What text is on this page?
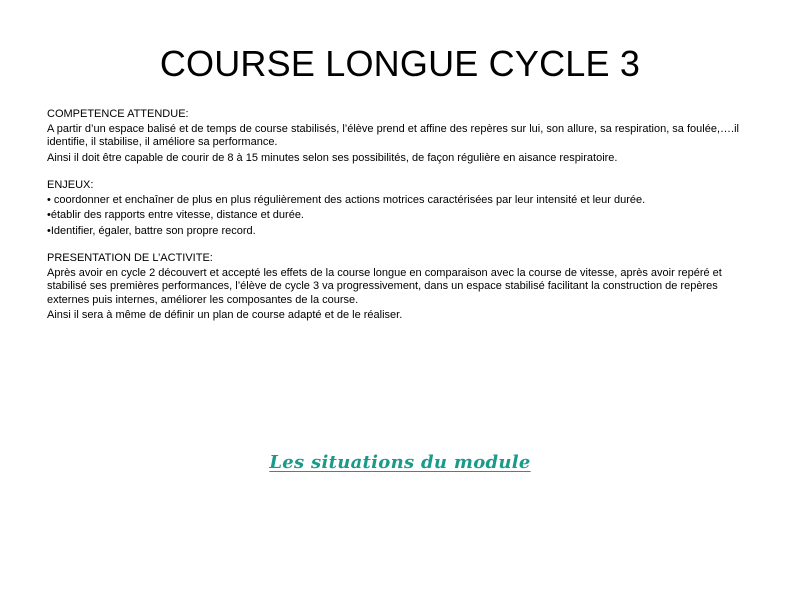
COURSE LONGUE CYCLE 3
COMPETENCE ATTENDUE:
A partir d’un espace balisé et de temps de course stabilisés, l’élève prend et affine des repères sur lui, son allure, sa respiration, sa foulée,….il identifie, il stabilise, il améliore sa performance.
Ainsi il doit être capable de courir de 8 à 15 minutes selon ses possibilités, de façon régulière en aisance respiratoire.
ENJEUX:
• coordonner et enchaîner de plus en plus régulièrement des actions motrices caractérisées par leur intensité et leur durée.
•établir des rapports entre vitesse, distance et durée.
•Identifier, égaler, battre son propre record.
PRESENTATION DE L’ACTIVITE:
Après avoir en cycle 2 découvert et accepté les effets de la course longue en comparaison avec la course de vitesse, après avoir repéré et stabilisé ses premières performances, l’élève de cycle 3 va progressivement, dans un espace stabilisé facilitant la construction de repères externes puis internes, améliorer les composantes de la course.
Ainsi il sera à même de définir un plan de course adapté et de le réaliser.
Les situations du module
